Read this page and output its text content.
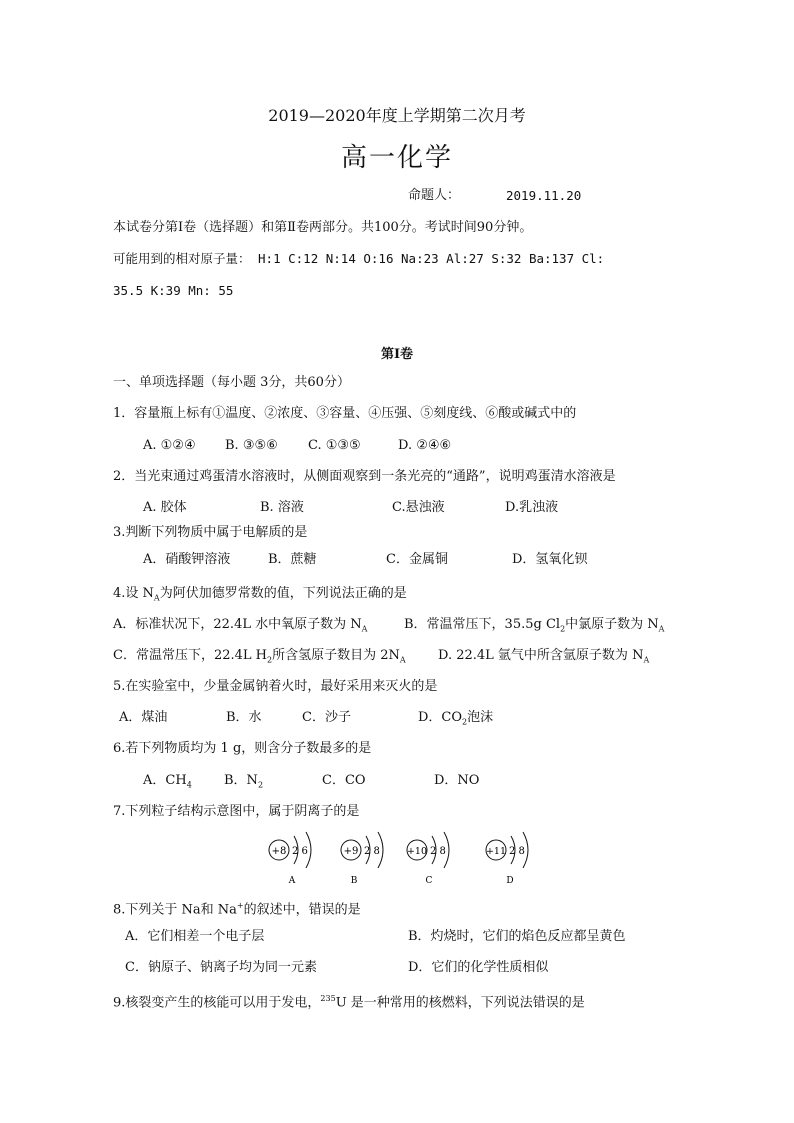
2019—2020年度上学期第二次月考
高一化学
命题人：	2019.11.20
本试卷分第Ⅰ卷（选择题）和第Ⅱ卷两部分。共100分。考试时间90分钟。
可能用到的相对原子量： H:1 C:12 N:14 O:16 Na:23 Al:27 S:32 Ba:137 Cl:
35.5 K:39 Mn: 55
第Ⅰ卷
一、单项选择题（每小题 3分，共60分）
1．容量瓶上标有①温度、②浓度、③容量、④压强、⑤刻度线、⑥酸或碱式中的
A. ①②④ B. ③⑤⑥ C. ①③⑤	D. ②④⑥
2．当光束通过鸡蛋清水溶液时，从侧面观察到一条光亮的“通路”，说明鸡蛋清水溶液是
A. 胶体	B. 溶液	C.悬浊液	D.乳浊液
3.判断下列物质中属于电解质的是
A．硝酸钾溶液	B．蔗糖	C．金属铜	D．氢氧化钡
4.设 $N_A$为阿伏加德罗常数的值，下列说法正确的是
A．标准状况下，22.4L 水中氧原子数为 $N_A$	B．常温常压下，35.5g $Cl_2$中氯原子数为 $N_A$
C．常温常压下，22.4L $H_2$所含氢原子数目为 $2N_A$ D. 22.4L 氩气中所含氩原子数为 $N_A$
5.在实验室中，少量金属钠着火时，最好采用来灭火的是
A．煤油	B．水	C．沙子	D．$CO_2$泡沫
6.若下列物质均为 1 g，则含分子数最多的是
A．$CH_4$ B．$N_2$	C．CO	D．NO
7.下列粒子结构示意图中，属于阴离子的是
+8 2 6
A
+9 2 8
B
+10 2 8
C
+11 2 8
D
8.下列关于 Na和 Na+的叙述中，错误的是
A．它们相差一个电子层	B．灼烧时，它们的焰色反应都呈黄色
C．钠原子、钠离子均为同一元素	D．它们的化学性质相似
9.核裂变产生的核能可以用于发电，$^{235}$U 是一种常用的核燃料，下列说法错误的是
